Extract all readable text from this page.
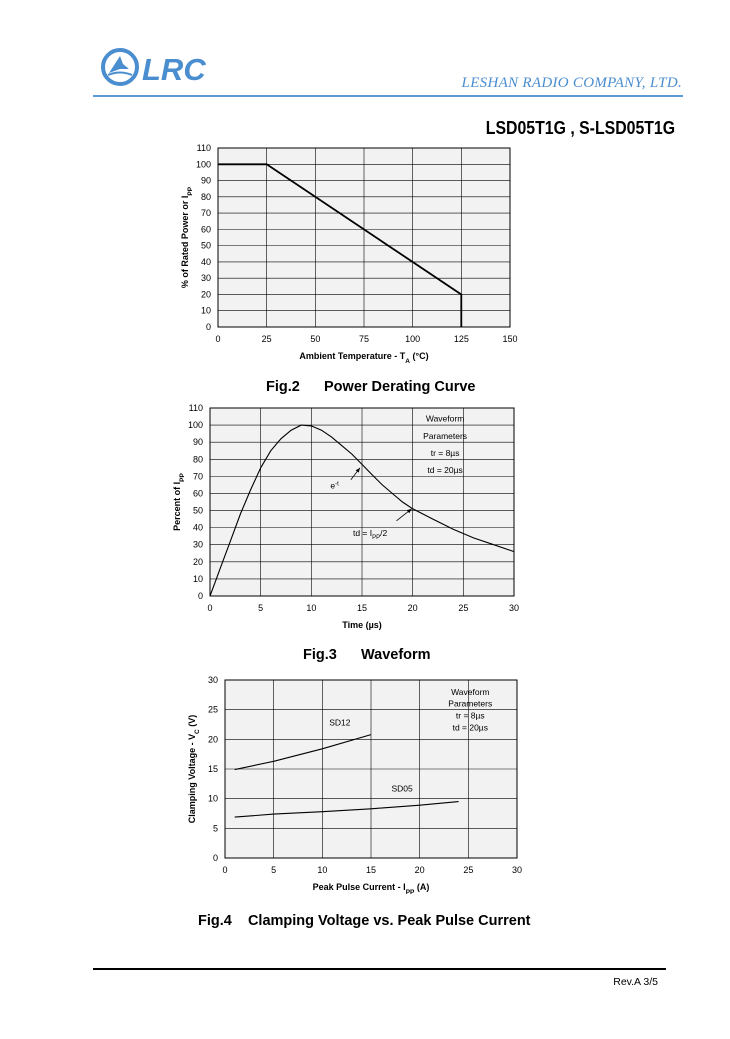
LRC	LESHAN RADIO COMPANY, LTD.
LSD05T1G , S-LSD05T1G
0	25	50	75	100	125	150
0
10
20
30
40
50
60
70
80
90
100
110
Ambient Temperature - $T_A$ (°C)
% of Rated Power or $I_{PP}$
Fig.2      Power Derating Curve
0	5	10	15	20	25	30
0
10
20
30
40
50
60
70
80
90
100
110
Time (µs)
Percent of $I_{PP}$
Waveform
Parameters
tr = 8µs
td = 20µs
$e^{-t}$
td = $I_{PP}/2$
Fig.3      Waveform
0	5	10	15	20	25	30
0
5
10
15
20
25
30
Peak Pulse Current - $I_{PP}$ (A)
Clamping Voltage - $V_C$ (V)	SD12
SD05
Waveform
Parameters
tr = 8µs
td = 20µs
Fig.4    Clamping Voltage vs. Peak Pulse Current
Rev.A 3/5
